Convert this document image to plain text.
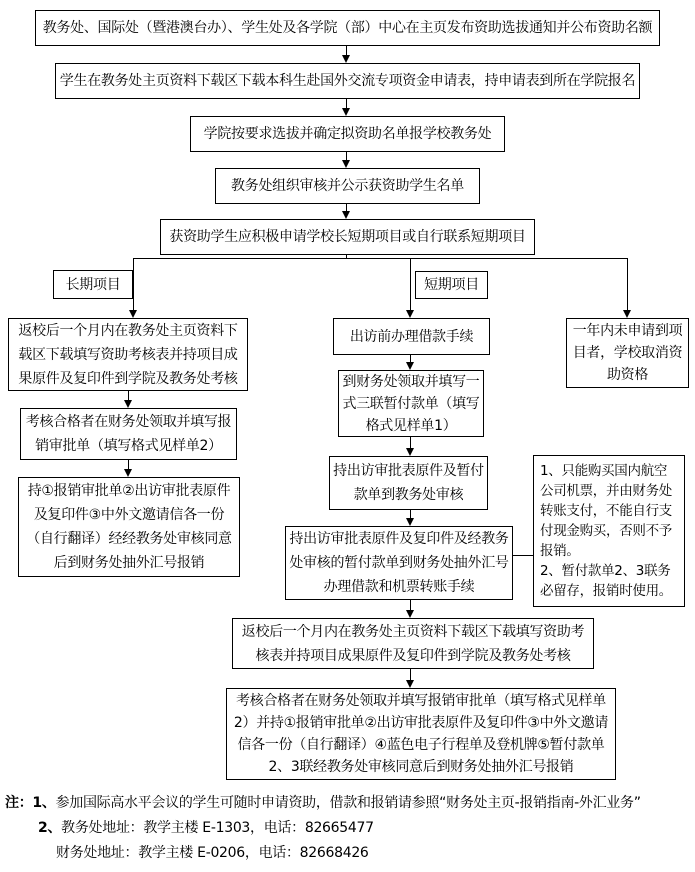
教务处、国际处（暨港澳台办）、学生处及各学院（部）中心在主页发布资助选拔通知并公布资助名额
学生在教务处主页资料下载区下载本科生赴国外交流专项资金申请表，持申请表到所在学院报名
学院按要求选拔并确定拟资助名单报学校教务处
教务处组织审核并公示获资助学生名单
获资助学生应积极申请学校长短期项目或自行联系短期项目
长期项目	短期项目
返校后一个月内在教务处主页资料下载区下载填写资助考核表并持项目成果原件及复印件到学院及教务处考核
考核合格者在财务处领取并填写报销审批单（填写格式见样单2）
持①报销审批单②出访审批表原件及复印件③中外文邀请信各一份（自行翻译）经经教务处审核同意后到财务处抽外汇号报销
出访前办理借款手续
到财务处领取并填写一式三联暂付款单（填写格式见样单1）
持出访审批表原件及暂付款单到教务处审核
持出访审批表原件及复印件及经教务处审核的暂付款单到财务处抽外汇号办理借款和机票转账手续
一年内未申请到项目者，学校取消资助资格
1、只能购买国内航空公司机票，并由财务处转账支付，不能自行支付现金购买，否则不予报销。
2、暂付款单2、3联务必留存，报销时使用。
返校后一个月内在教务处主页资料下载区下载填写资助考核表并持项目成果原件及复印件到学院及教务处考核
考核合格者在财务处领取并填写报销审批单（填写格式见样单2）并持①报销审批单②出访审批表原件及复印件③中外文邀请信各一份（自行翻译）④蓝色电子行程单及登机牌⑤暂付款单2、3联经教务处审核同意后到财务处抽外汇号报销
注：1、参加国际高水平会议的学生可随时申请资助，借款和报销请参照“财务处主页-报销指南-外汇业务”
2、教务处地址：教学主楼 E-1303，电话：82665477
财务处地址：教学主楼 E-0206，电话：82668426
